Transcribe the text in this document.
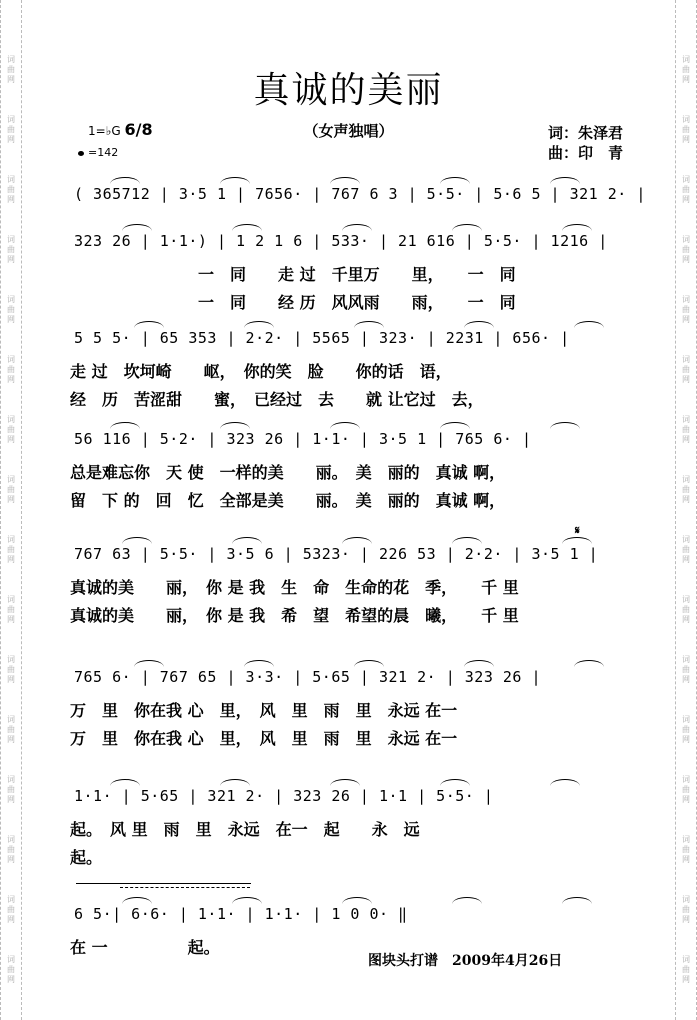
词
曲
网
词
曲
网
词
曲
网
词
曲
网
词
曲
网
词
曲
网
词
曲
网
词
曲
网
词
曲
网
词
曲
网
词
曲
网
词
曲
网
词
曲
网
词
曲
网
词
曲
网
词
曲
网
词
曲
网
词
曲
网
词
曲
网
词
曲
网
词
曲
网
词
曲
网
词
曲
网
词
曲
网
词
曲
网
词
曲
网
词
曲
网
词
曲
网
词
曲
网
词
曲
网
词
曲
网
词
曲
网
真诚的美丽
（女声独唱）	词：朱泽君
曲：印　青
1=♭G 6/8
=142
𝄋
( 365712 | 3·5 1 | 7656· | 767 6 3 | 5·5· | 5·6 5 | 321 2· |
323 26 | 1·1·) | 1 2 1 6 | 533· | 21 616 | 5·5· | 1216 |
　　　　　　　　一　同　　走 过　千里万　　里，　　一　同
　　　　　　　　一　同　　经 历　风风雨　　雨，　　一　同
5 5 5· | 65 353 | 2·2· | 5565 | 323· | 2231 | 656· |
走 过　坎坷崎　　岖，　你的笑　脸　　你的话　语，
经　历　苦涩甜　　蜜，　已经过　去　　就 让它过　去，
56 116 | 5·2· | 323 26 | 1·1· | 3·5 1 | 765 6· |
总是难忘你　天 使　一样的美　　丽。　美　丽的　真诚 啊，
留　下 的　回　忆　全部是美　　丽。　美　丽的　真诚 啊，
767 63 | 5·5· | 3·5 6 | 5323· | 226 53 | 2·2· | 3·5 1 |
真诚的美　　丽，　你 是 我　生　命　生命的花　季，　　千 里
真诚的美　　丽，　你 是 我　希　望　希望的晨　曦，　　千 里
765 6· | 767 65 | 3·3· | 5·65 | 321 2· | 323 26 |
万　里　你在我 心　里，　风　里　雨　里　永远 在一
万　里　你在我 心　里，　风　里　雨　里　永远 在一
1·1· | 5·65 | 321 2· | 323 26 | 1·1 | 5·5· |
起。　风 里　雨　里　永远　在一　起　　永　远
起。
6 5·| 6·6· | 1·1· | 1·1· | 1 0 0· ‖
在 一　　　　　起。
图块头打谱　2009年4月26日
